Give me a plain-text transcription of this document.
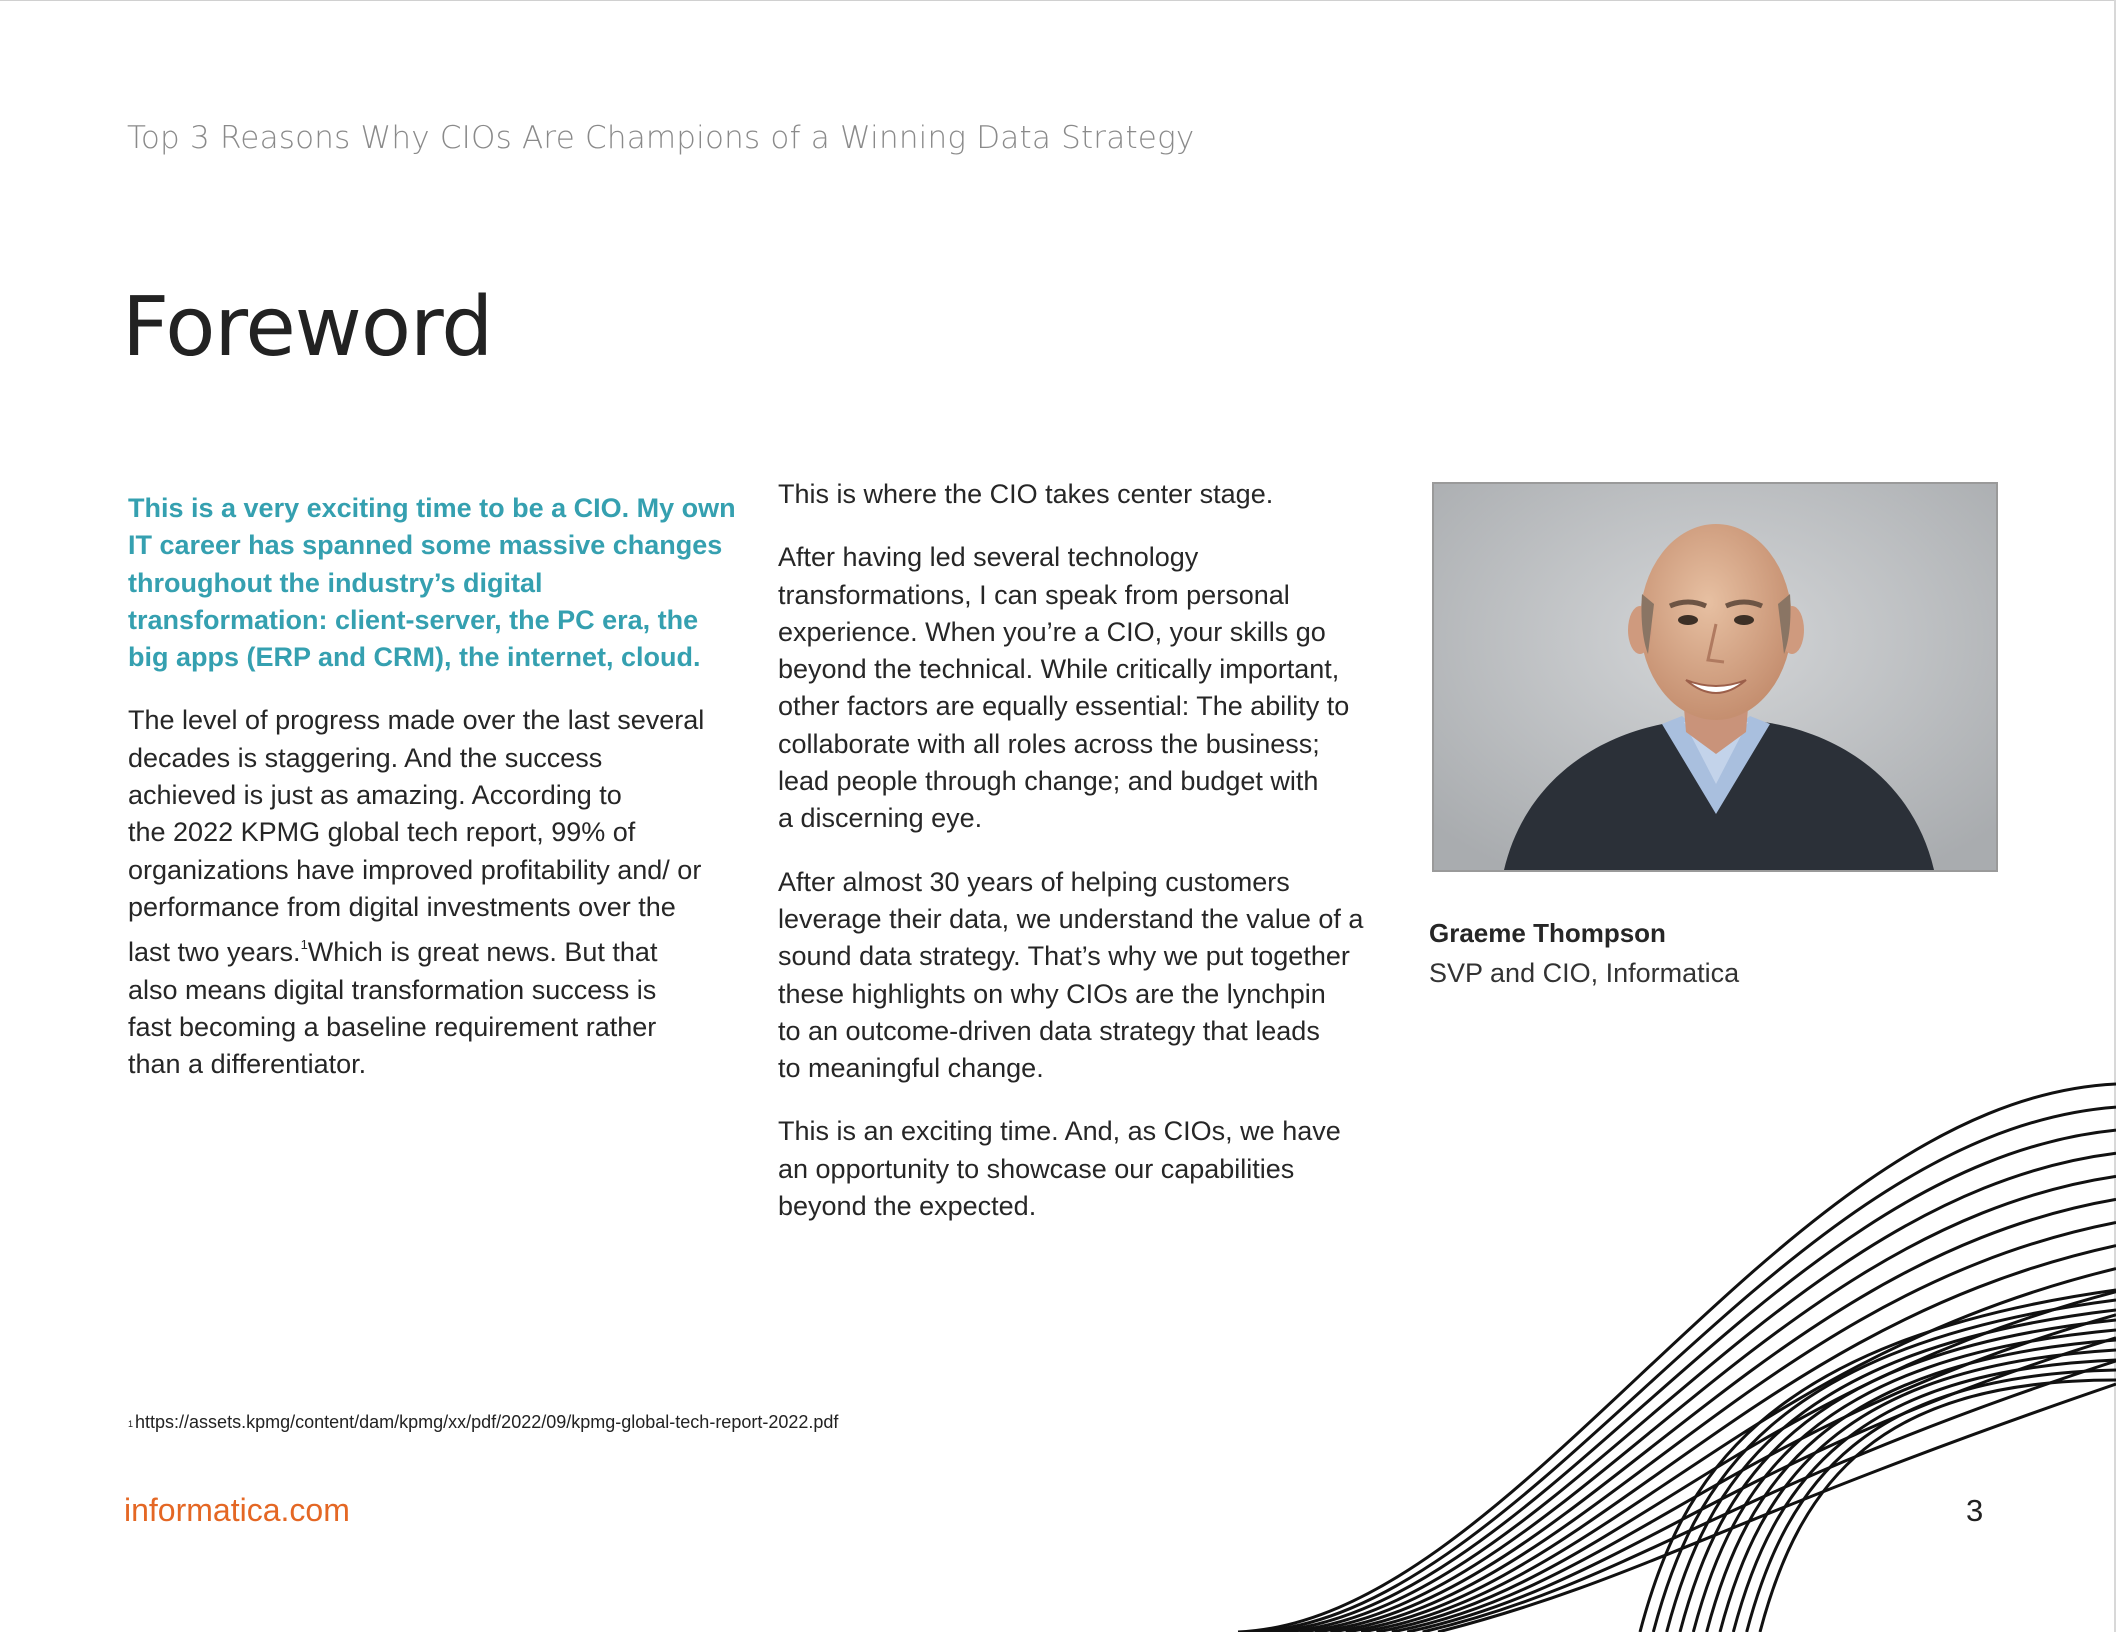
Top 3 Reasons Why CIOs Are Champions of a Winning Data Strategy
Foreword

This is a very exciting time to be a CIO. My own
IT career has spanned some massive changes
throughout the industry’s digital
transformation: client-server, the PC era, the
big apps (ERP and CRM), the internet, cloud.

The level of progress made over the last several
decades is staggering. And the success
achieved is just as amazing. According to
the 2022 KPMG global tech report, 99% of
organizations have improved profitability and/ or
performance from digital investments over the
last two years.$^1$Which is great news. But that
also means digital transformation success is
fast becoming a baseline requirement rather
than a differentiator.

This is where the CIO takes center stage.

After having led several technology
transformations, I can speak from personal
experience. When you’re a CIO, your skills go
beyond the technical. While critically important,
other factors are equally essential: The ability to
collaborate with all roles across the business;
lead people through change; and budget with
a discerning eye.

After almost 30 years of helping customers
leverage their data, we understand the value of a
sound data strategy. That’s why we put together
these highlights on why CIOs are the lynchpin
to an outcome-driven data strategy that leads
to meaningful change.

This is an exciting time. And, as CIOs, we have
an opportunity to showcase our capabilities
beyond the expected.

Graeme Thompson
SVP and CIO, Informatica
1 https://assets.kpmg/content/dam/kpmg/xx/pdf/2022/09/kpmg-global-tech-report-2022.pdf
informatica.com	3
